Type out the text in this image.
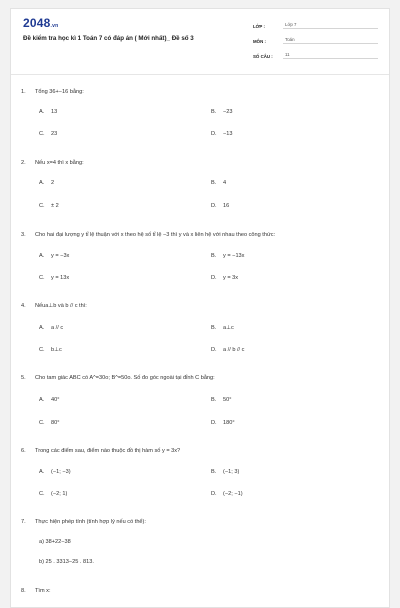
2048.vn
Đề kiểm tra học kì 1 Toán 7 có đáp án ( Mới nhất)_ Đề số 3
LỚP :	Lớp 7
MÔN :	Toán
SỐ CÂU :	11
1.	Tổng 36+−16 bằng:
A.	13	B.	−23
C.	23	D.	−13
2.	Nếu x=4 thì x bằng:
A.	2	B.	4
C.	± 2	D.	16
3.	Cho hai đại lượng y tỉ lệ thuận với x theo hệ số tỉ lệ −3 thì y và x liên hệ với nhau theo công thức:
A.	y = −3x	B.	y = −13x
C.	y = 13x	D.	y = 3x
4.	Nếua⊥b và b // c thì:
A.	a // c	B.	a⊥c
C.	b⊥c	D.	a // b // c
5.	Cho tam giác ABC có A^=30o; B^=50o. Số đo góc ngoài tại đỉnh C bằng:
A.	40°	B.	50°
C.	80°	D.	180°
6.	Trong các điểm sau, điểm nào thuộc đồ thị hàm số y = 3x?
A.	(−1; −3)	B.	(−1; 3)
C.	(−2; 1)	D.	(−2; −1)
7.	Thực hiện phép tính (tính hợp lý nếu có thể):
a) 38+22−38
b) 25 . 3313−25 . 813.
8.	Tìm x:
